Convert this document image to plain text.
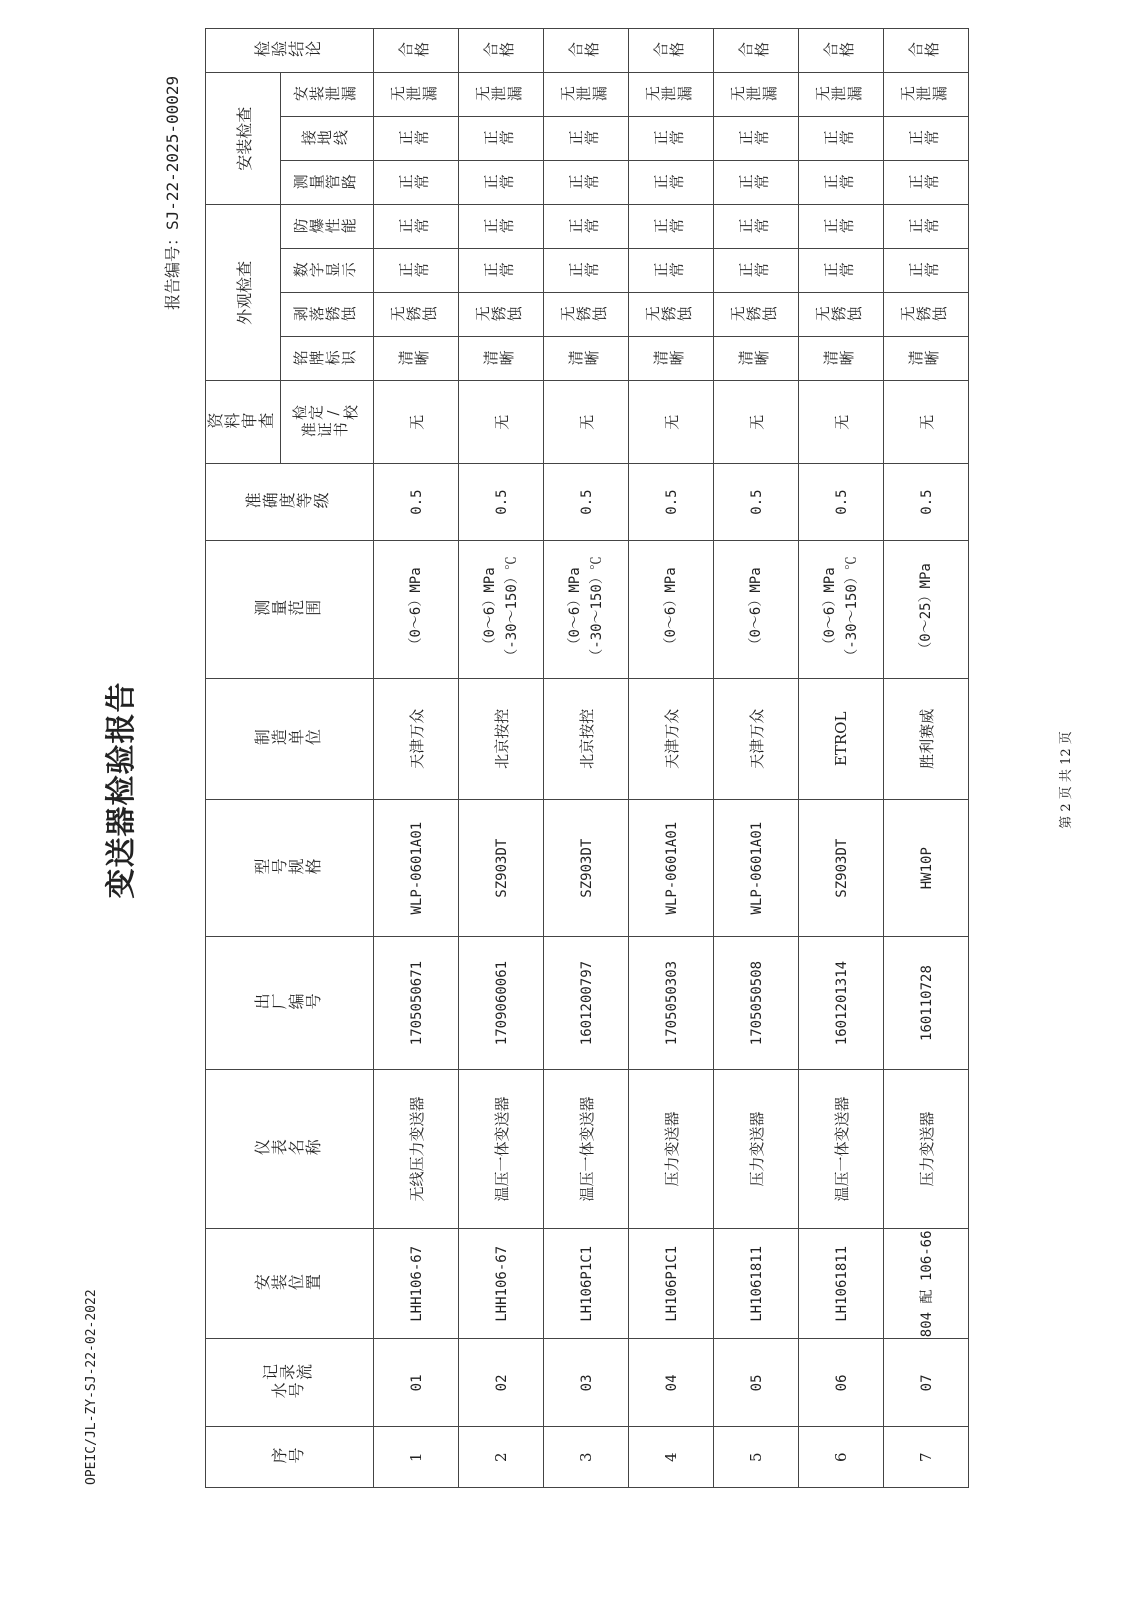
OPEIC/JL-ZY-SJ-22-02-2022
变送器检验报告
报告编号：SJ-22-2025-00029
序号	记录流水号	安装位置	仪表名称	出厂编号	型号规格	制造单位	测量范围	准确度等级	资料审查	外观检查				安装检查			检验结论
									检定/校准证书	铭牌标识	剥落锈蚀	数字显示	防爆性能	测量管路	接地线	安装泄漏	
1	01	LHH106-67	无线压力变送器	1705050671	WLP-0601A01	天津万众	（0～6）MPa	0.5	无	清晰	无锈蚀	正常	正常	正常	正常	无泄漏	合格
2	02	LHH106-67	温压一体变送器	1709060061	SZ903DT	北京按控	（0～6）MPa （-30～150）℃	0.5	无	清晰	无锈蚀	正常	正常	正常	正常	无泄漏	合格
3	03	LH106P1C1	温压一体变送器	1601200797	SZ903DT	北京按控	（0～6）MPa （-30～150）℃	0.5	无	清晰	无锈蚀	正常	正常	正常	正常	无泄漏	合格
4	04	LH106P1C1	压力变送器	1705050303	WLP-0601A01	天津万众	（0～6）MPa	0.5	无	清晰	无锈蚀	正常	正常	正常	正常	无泄漏	合格
5	05	LH1061811	压力变送器	1705050508	WLP-0601A01	天津万众	（0～6）MPa	0.5	无	清晰	无锈蚀	正常	正常	正常	正常	无泄漏	合格
6	06	LH1061811	温压一体变送器	1601201314	SZ903DT	ETROL	（0～6）MPa （-30～150）℃	0.5	无	清晰	无锈蚀	正常	正常	正常	正常	无泄漏	合格
7	07	804 配 106-66	压力变送器	160110728	HW10P	胜利赛威	（0～25）MPa	0.5	无	清晰	无锈蚀	正常	正常	正常	正常	无泄漏	合格
第 2 页 共 12 页
